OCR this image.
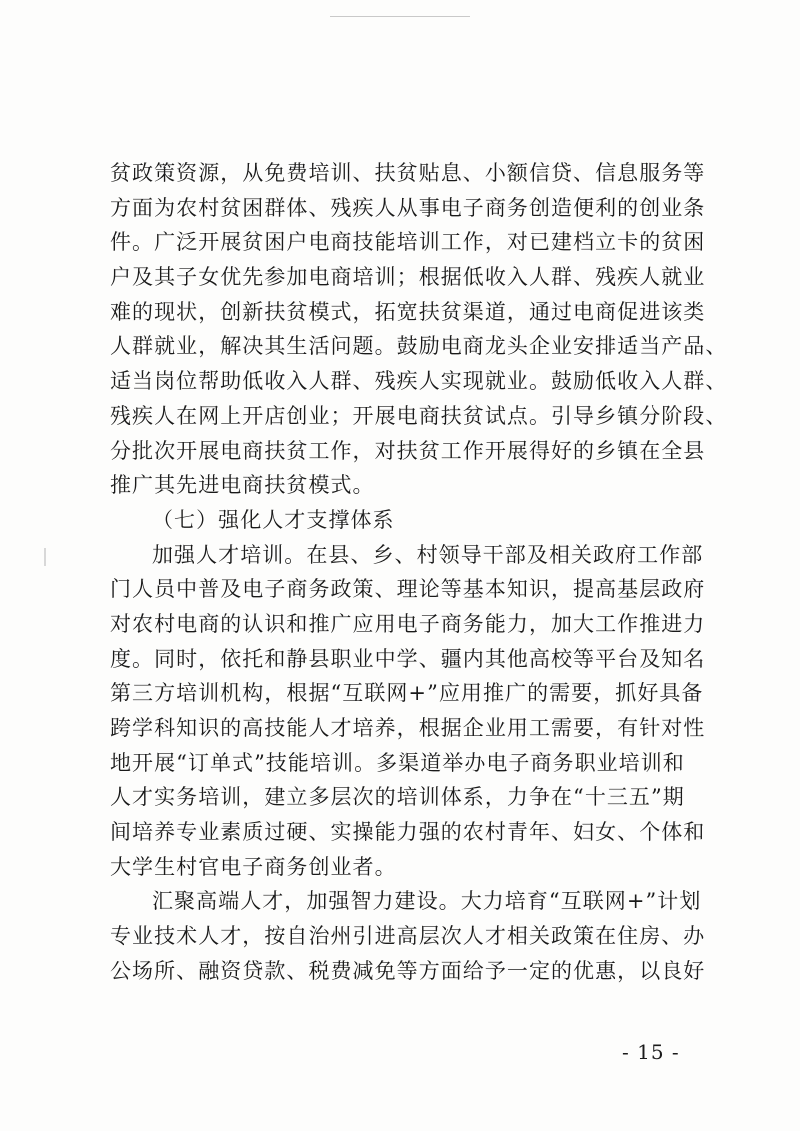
贫政策资源，从免费培训、扶贫贴息、小额信贷、信息服务等
方面为农村贫困群体、残疾人从事电子商务创造便利的创业条
件。广泛开展贫困户电商技能培训工作，对已建档立卡的贫困
户及其子女优先参加电商培训；根据低收入人群、残疾人就业
难的现状，创新扶贫模式，拓宽扶贫渠道，通过电商促进该类
人群就业，解决其生活问题。鼓励电商龙头企业安排适当产品、
适当岗位帮助低收入人群、残疾人实现就业。鼓励低收入人群、
残疾人在网上开店创业；开展电商扶贫试点。引导乡镇分阶段、
分批次开展电商扶贫工作，对扶贫工作开展得好的乡镇在全县
推广其先进电商扶贫模式。
（七）强化人才支撑体系
加强人才培训。在县、乡、村领导干部及相关政府工作部
门人员中普及电子商务政策、理论等基本知识，提高基层政府
对农村电商的认识和推广应用电子商务能力，加大工作推进力
度。同时，依托和静县职业中学、疆内其他高校等平台及知名
第三方培训机构，根据“互联网+”应用推广的需要，抓好具备
跨学科知识的高技能人才培养，根据企业用工需要，有针对性
地开展“订单式”技能培训。多渠道举办电子商务职业培训和
人才实务培训，建立多层次的培训体系，力争在“十三五”期
间培养专业素质过硬、实操能力强的农村青年、妇女、个体和
大学生村官电子商务创业者。
汇聚高端人才，加强智力建设。大力培育“互联网+”计划
专业技术人才，按自治州引进高层次人才相关政策在住房、办
公场所、融资贷款、税费减免等方面给予一定的优惠，以良好
- 15 -
